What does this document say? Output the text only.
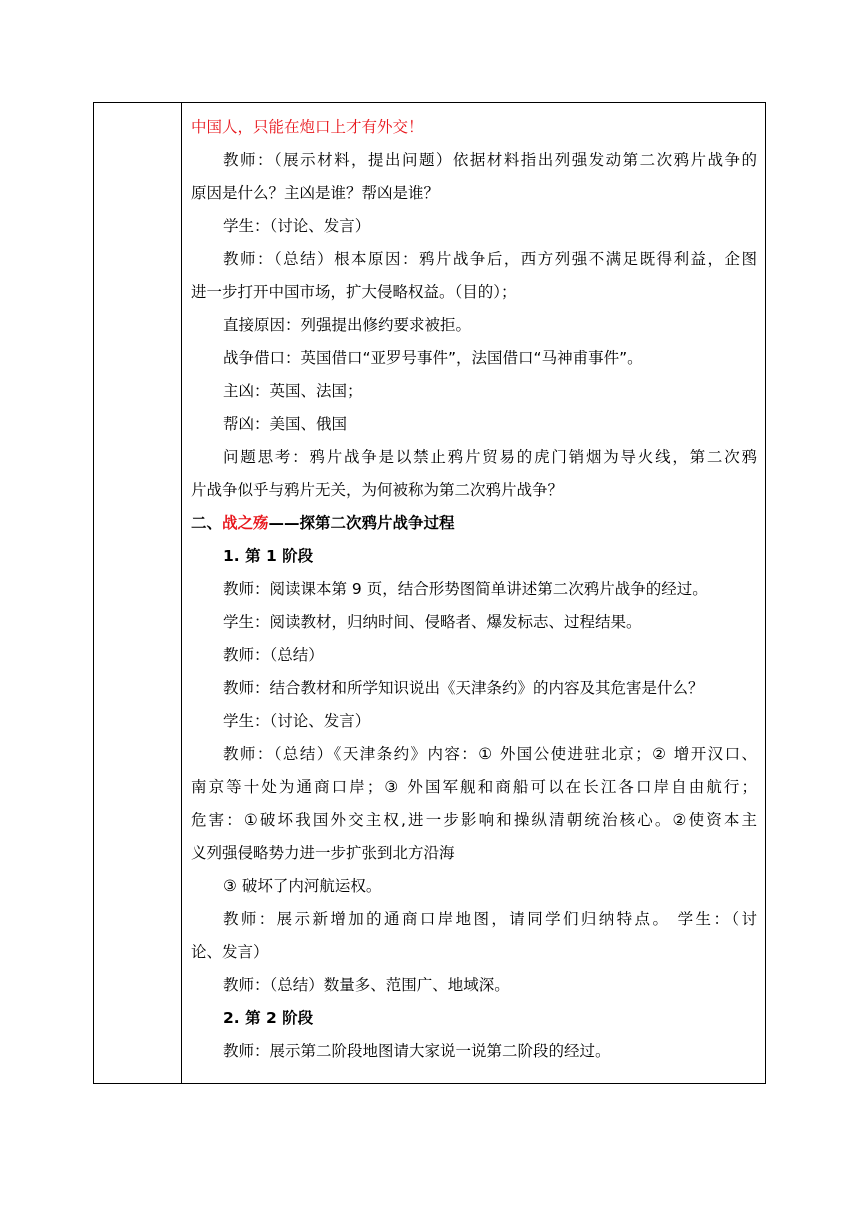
中国人，只能在炮口上才有外交！
教师：（展示材料，提出问题）依据材料指出列强发动第二次鸦片战争的
原因是什么？主凶是谁？帮凶是谁？
学生：（讨论、发言）
教师：（总结）根本原因：鸦片战争后，西方列强不满足既得利益，企图
进一步打开中国市场，扩大侵略权益。（目的）；
直接原因：列强提出修约要求被拒。
战争借口：英国借口“亚罗号事件”，法国借口“马神甫事件”。
主凶：英国、法国；
帮凶：美国、俄国
问题思考：鸦片战争是以禁止鸦片贸易的虎门销烟为导火线，第二次鸦
片战争似乎与鸦片无关，为何被称为第二次鸦片战争？
二、战之殇——探第二次鸦片战争过程
1. 第 1 阶段
教师：阅读课本第 9 页，结合形势图简单讲述第二次鸦片战争的经过。
学生：阅读教材，归纳时间、侵略者、爆发标志、过程结果。
教师：（总结）
教师：结合教材和所学知识说出《天津条约》的内容及其危害是什么？
学生：（讨论、发言）
教师：（总结）《天津条约》内容：① 外国公使进驻北京；② 增开汉口、
南京等十处为通商口岸；③ 外国军舰和商船可以在长江各口岸自由航行；
危害：①破坏我国外交主权,进一步影响和操纵清朝统治核心。②使资本主
义列强侵略势力进一步扩张到北方沿海
③ 破坏了内河航运权。
教师：展示新增加的通商口岸地图，请同学们归纳特点。 学生：（讨
论、发言）
教师：（总结）数量多、范围广、地域深。
2. 第 2 阶段
教师：展示第二阶段地图请大家说一说第二阶段的经过。
